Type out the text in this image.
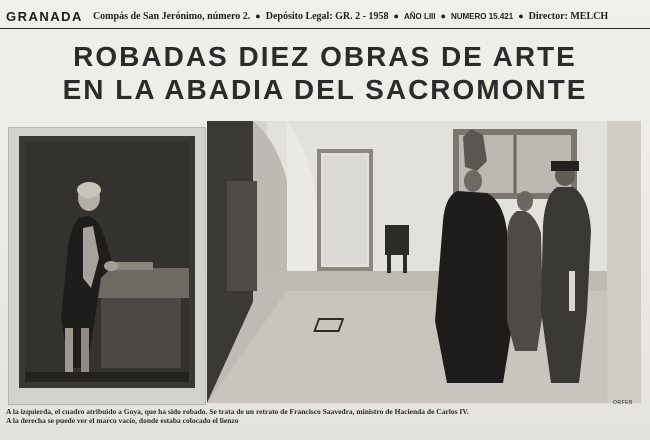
GRANADA Compás de San Jerónimo, número 2. ● Depósito Legal: GR. 2 - 1958 ● AÑO LIII ● NUMERO 15.421 ● Director: MELCH
ROBADAS DIEZ OBRAS DE ARTE
EN LA ABADIA DEL SACROMONTE
ORFEB
A la izquierda, el cuadro atribuido a Goya, que ha sido robado. Se trata de un retrato de Francisco Saavedra, ministro de Hacienda de Carlos IV.
A la derecha se puede ver el marco vacío, donde estaba colocado el lienzo
